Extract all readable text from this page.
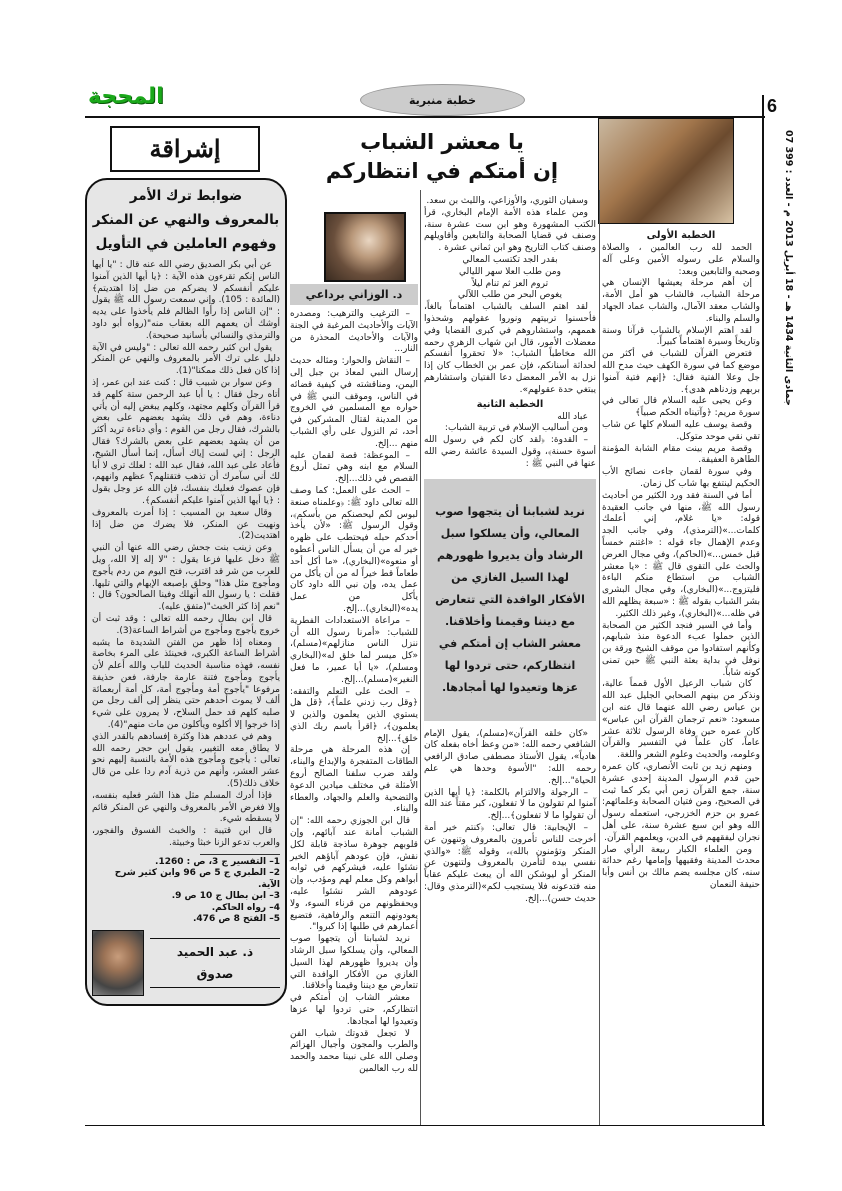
6
07 جمادى الثانية 1434 هـ - 18 أبريل 2013 م - العدد : 399
المحجة	خطبة منبرية
إشراقة	يا معشر الشباب
إن أمتكم في انتظاركم
الخطبة الأولى

الحمد لله رب العالمين ، والصلاة والسلام على رسوله الأمين وعلى آله وصحبه والتابعين وبعد:

إن أهم مرحلة يعيشها الإنسان هي مرحلة الشباب، فالشاب هو أمل الأمة، والشاب معقد الآمال، والشاب عماد الجهاد والسلم والبناء.

لقد اهتم الإسلام بالشباب قرآنا وسنة وتاريخاً وسيرة اهتماماً كبيراً.

فتعرض القرآن للشباب في أكثر من موضع كما في سورة الكهف حيث مدح الله جل وعلا الفتية فقال: ﴿إنهم فتية آمنوا بربهم وزدناهم هدى﴾.

وعن يحيى عليه السلام قال تعالى في سورة مريم: ﴿وآتيناه الحكم صبياً﴾

وقصة يوسف عليه السلام كلها عن شاب تقي نقي موحد متوكل.

وقصة مريم بينت مقام الشابة المؤمنة الطاهرة العفيفة.

وفي سورة لقمان جاءت نصائح الأب الحكيم لينتفع بها شاب كل زمان.

أما في السنة فقد ورد الكثير من أحاديث رسول الله ﷺ، منها في جانب العقيدة قوله: «يا غلام، إني أعلمك كلمات...»(الترمذي)، وفي جانب الجد وعدم الإهمال جاء قوله : «اغتنم خمساً قبل خمس...»(الحاكم)، وفي مجال العرض والحث على التقوى قال ﷺ : «يا معشر الشباب من استطاع منكم الباءة فليتزوج...»(البخاري)، وفي مجال البشرى بشر الشباب بقوله ﷺ : «سبعة يظلهم الله في ظله...»(البخاري)، وغير ذلك الكثير.

وأما في السير فنجد الكثير من الصحابة الذين حملوا عبء الدعوة منذ شبابهم، وكأنهم استفادوا من موقف الشيخ ورقة بن نوفل في بداية بعثة النبي ﷺ حين تمنى كونه شاباً.

كان شباب الرعيل الأول قمماً عالية، ونذكر من بينهم الصحابي الجليل عبد الله بن عباس رضي الله عنهما قال عنه ابن مسعود: «نعم ترجمان القرآن ابن عباس» كان عمره حين وفاة الرسول ثلاثة عشر عاماً، كان علماً في التفسير والقرآن وعلومه، والحديث وعلوم الشعر واللغة.

ومنهم زيد بن ثابت الأنصاري، كان عمره حين قدم الرسول المدينة إحدى عشرة سنة، جمع القرآن زمن أبي بكر كما ثبت في الصحيح، ومن فتيان الصحابة وعلمائهم: عمرو بن حزم الخزرجي، استعمله رسول الله وهو ابن سبع عشرة سنة، على أهل نجران ليفقههم في الدين، ويعلمهم القرآن.

ومن العلماء الكبار ربيعة الرأي صار محدث المدينة وفقيهها وإمامها رغم حداثة سنه، كان مجلسه يضم مالك بن أنس وأبا حنيفة النعمان

وسفيان الثوري، والأوزاعي، والليث بن سعد.

ومن علماء هذه الأمة الإمام البخاري، قرأ الكتب المشهورة وهو ابن ست عشرة سنة، وصنف في قضايا الصحابة والتابعين وأقاويلهم وصنف كتاب التاريخ وهو ابن ثماني عشرة .

بقدر الجد تكتسب المعالي

ومن طلب العلا سهر الليالي

تروم العز ثم تنام ليلاً

يغوص البحر من طلب اللآلي

لقد اهتم السلف بالشباب اهتماماً بالغاً، فأحسنوا تربيتهم ونوروا عقولهم وشحذوا هممهم، واستشاروهم في كبرى القضايا وفي معضلات الأمور، قال ابن شهاب الزهري رحمه الله مخاطباً الشباب: «لا تحقروا أنفسكم لحداثة أسنانكم، فإن عمر بن الخطاب كان إذا نزل به الأمر المعضل دعا الفتيان واستشارهم يبتغي حدة عقولهم».

الخطبة الثانية

عباد الله

ومن أساليب الإسلام في تربية الشباب:

– القدوة: ﴿لقد كان لكم في رسول الله أسوة حسنة﴾، وقول السيدة عائشة رضي الله عنها في النبي ﷺ :

نريد لشبابنا أن يتجهوا صوب المعالي، وأن يسلكوا سبل الرشاد وأن يديروا ظهورهم لهذا السيل الغازي من الأفكار الوافدة التي تتعارض مع ديننا وقيمنا وأخلاقنا. معشر الشاب إن أمتكم في انتظاركم، حتى تردوا لها عزها وتعيدوا لها أمجادها.

«كان خلقه القرآن»(مسلم)، يقول الإمام الشافعي رحمه الله: «من وعظ أخاه بفعله كان هادياً»، يقول الأستاذ مصطفى صادق الرافعي رحمه الله: "الأسوة وحدها هي علم الحياة"...إلخ.

– الرجولة والالتزام بالكلمة: ﴿يا أيها الذين آمنوا لم تقولون ما لا تفعلون، كبر مقتاً عند الله أن تقولوا ما لا تفعلون﴾...إلخ.

– الإيجابية: قال تعالى: ﴿كنتم خير أمة أخرجت للناس تأمرون بالمعروف وتنهون عن المنكر وتؤمنون بالله﴾، وقوله ﷺ: «والذي نفسي بيده لتأمرن بالمعروف ولتنهون عن المنكر أو ليوشكن الله أن يبعث عليكم عقاباً منه فتدعونه فلا يستجيب لكم»(الترمذي وقال: حديث حسن)...إلخ.

د. الوزاني برداعي

– الترغيب والترهيب: ومصدره الآيات والأحاديث المرغبة في الجنة والآيات والأحاديث المحذرة من النار...

– النقاش والحوار: ومثاله حديث إرسال النبي لمعاذ بن جبل إلى اليمن، ومناقشته في كيفية قضائه في الناس، وموقف النبي ﷺ في حواره مع المسلمين في الخروج من المدينة لقتال المشركين في أحد، ثم النزول على رأي الشباب منهم ...إلخ.

– الموعظة: قصة لقمان عليه السلام مع ابنه وهي تمثل أروع القصص في ذلك...إلخ.

– الحث على العمل: كما وصف الله تعالى داود ﷺ: ﴿وعلمناه صنعة لبوس لكم ليحصنكم من بأسكم﴾، وقول الرسول ﷺ: «لأن يأخذ أحدكم حبله فيحتطب على ظهره خير له من أن يسأل الناس أعطوه أو منعوه»(البخاري)، «ما أكل أحد طعاماً قط خيراً له من أن يأكل من عمل يده، وإن نبي الله داود كان يأكل من عمل يده»(البخاري)...إلخ.

– مراعاة الاستعدادات الفطرية للشباب: «أمرنا رسول الله أن ننزل الناس منازلهم»(مسلم)، «كل ميسر لما خلق له»(البخاري ومسلم)، «يا أبا عمير، ما فعل النغير»(مسلم)...إلخ.

– الحث على التعلم والتفقه: ﴿وقل رب زدني علماً﴾، ﴿قل هل يستوي الذين يعلمون والذين لا يعلمون﴾، ﴿اقرأ باسم ربك الذي خلق﴾...إلخ

إن هذه المرحلة هي مرحلة الطاقات المتفجرة والإبداع والبناء، ولقد ضرب سلفنا الصالح أروع الأمثلة في مختلف ميادين الدعوة والتضحية والعلم والجهاد، والعطاء والبناء.

قال ابن الجوزي رحمه الله: "إن الشباب أمانة عند آبائهم، وإن قلوبهم جوهرة ساذجة قابلة لكل نقش، فإن عودهم آباؤهم الخير نشئوا عليه، فيشركهم في ثوابه أبواهم وكل معلم لهم ومؤدب، وإن عودوهم الشر نشئوا عليه، ويحفظونهم من قرناء السوء، ولا يعودونهم التنعم والرفاهية، فتضيع أعمارهم في طلبها إذا كبروا".

نريد لشبابنا أن يتجهوا صوب المعالي، وأن يسلكوا سبل الرشاد وأن يديروا ظهورهم لهذا السيل الغازي من الأفكار الوافدة التي تتعارض مع ديننا وقيمنا وأخلاقنا.

معشر الشاب إن أمتكم في انتظاركم، حتى تردوا لها عزها وتعيدوا لها أمجادها.

لا تجعل قدوتك شباب الفن والطرب والمجون وأجيال الهزائم وصلى الله على نبينا محمد والحمد لله رب العالمين

ضوابط ترك الأمر
بالمعروف والنهي عن المنكر
وفهوم العاملين في التأويل

عن أبي بكر الصديق رضي الله عنه قال : "يا أيها الناس إنكم تقرءون هذه الآية : ﴿يا أيها الذين آمنوا عليكم أنفسكم لا يضركم من ضل إذا اهتديتم﴾(المائدة : 105). وإني سمعت رسول الله ﷺ يقول : "إن الناس إذا رأوا الظالم فلم يأخذوا على يديه أوشك أن يعمهم الله بعقاب منه"(رواه أبو داود والترمذي والنسائي بأسانيد صحيحة).

يقول ابن كثير رحمه الله تعالى : "وليس في الآية دليل على ترك الأمر بالمعروف والنهي عن المنكر إذا كان فعل ذلك ممكنا"(1).

وعن سوار بن شبيب قال : كنت عند ابن عمر، إذ أتاه رجل فقال : يا أبا عبد الرحمن ستة كلهم قد قرأ القرآن وكلهم مجتهد، وكلهم يبغض إليه أن يأتي دناءة، وهم في ذلك يشهد بعضهم على بعض بالشرك، فقال رجل من القوم : وأي دناءة تريد أكثر من أن يشهد بعضهم على بعض بالشرك؟ فقال الرجل : إني لست إياك أسأل، إنما أسأل الشيخ، فأعاد على عبد الله، فقال عبد الله : لعلك ترى لا أبا لك أني سآمرك أن تذهب فتقتلهم؟ عظهم وانههم، فإن عصوك فعليك بنفسك، فإن الله عز وجل يقول : ﴿يا أيها الذين آمنوا عليكم أنفسكم﴾.

وقال سعيد بن المسيب : إذا أمرت بالمعروف ونهيت عن المنكر، فلا يضرك من ضل إذا اهتديت(2).

وعن زينب بنت جحش رضي الله عنها أن النبي ﷺ دخل عليها فزعا يقول : "لا إله إلا الله، ويل للعرب من شر قد اقترب، فتح اليوم من ردم يأجوج ومأجوج مثل هذا" وحلق بإصبعه الإبهام والتي تليها. فقلت : يا رسول الله أنهلك وفينا الصالحون؟ قال : "نعم إذا كثر الخبث"(متفق عليه).

قال ابن بطال رحمه الله تعالى : وقد ثبت أن خروج يأجوج ومأجوج من أشراط الساعة(3).

ومعناه إذا ظهر من الفتن الشديدة ما يشبه أشراط الساعة الكبرى، فحينئذ على المرء بخاصة نفسه، فهذه مناسبة الحديث للباب والله أعلم لأن يأجوج ومأجوج فتنة عارمة جارفة، فعن حذيفة مرفوعا "يأجوج أمة ومأجوج أمة، كل أمة أربعمائة ألف لا يموت أحدهم حتى ينظر إلى ألف رجل من صلبه كلهم قد حمل السلاح، لا يمرون على شيء إذا خرجوا إلا أكلوه ويأكلون من مات منهم"(4).

وهم في عددهم هذا وكثرة إفسادهم بالقدر الذي لا يطاق معه التغيير، يقول ابن حجر رحمه الله تعالى : يأجوج ومأجوج هذه الأمة بالنسبة إليهم نحو عشر العشر، وأنهم من ذرية آدم ردا على من قال خلاف ذلك(5).

فإذا أدرك المسلم مثل هذا الشر فعليه بنفسه، وإلا فغرض الأمر بالمعروف والنهي عن المنكر قائم لا يسقطه شيء.

قال ابن قتيبة : والخبث الفسوق والفجور، والعرب تدعو الزنا خبثا وخبيثة.

1– التفسير ج 3، ص : 1260.
2– الطبري ج 5 ص 96 وابن كثير شرح الآية.
3– ابن بطال ج 10 ص 9.
4– رواه الحاكم.
5– الفتح 8 ص 476.
ذ. عبد الحميد
صدوق
